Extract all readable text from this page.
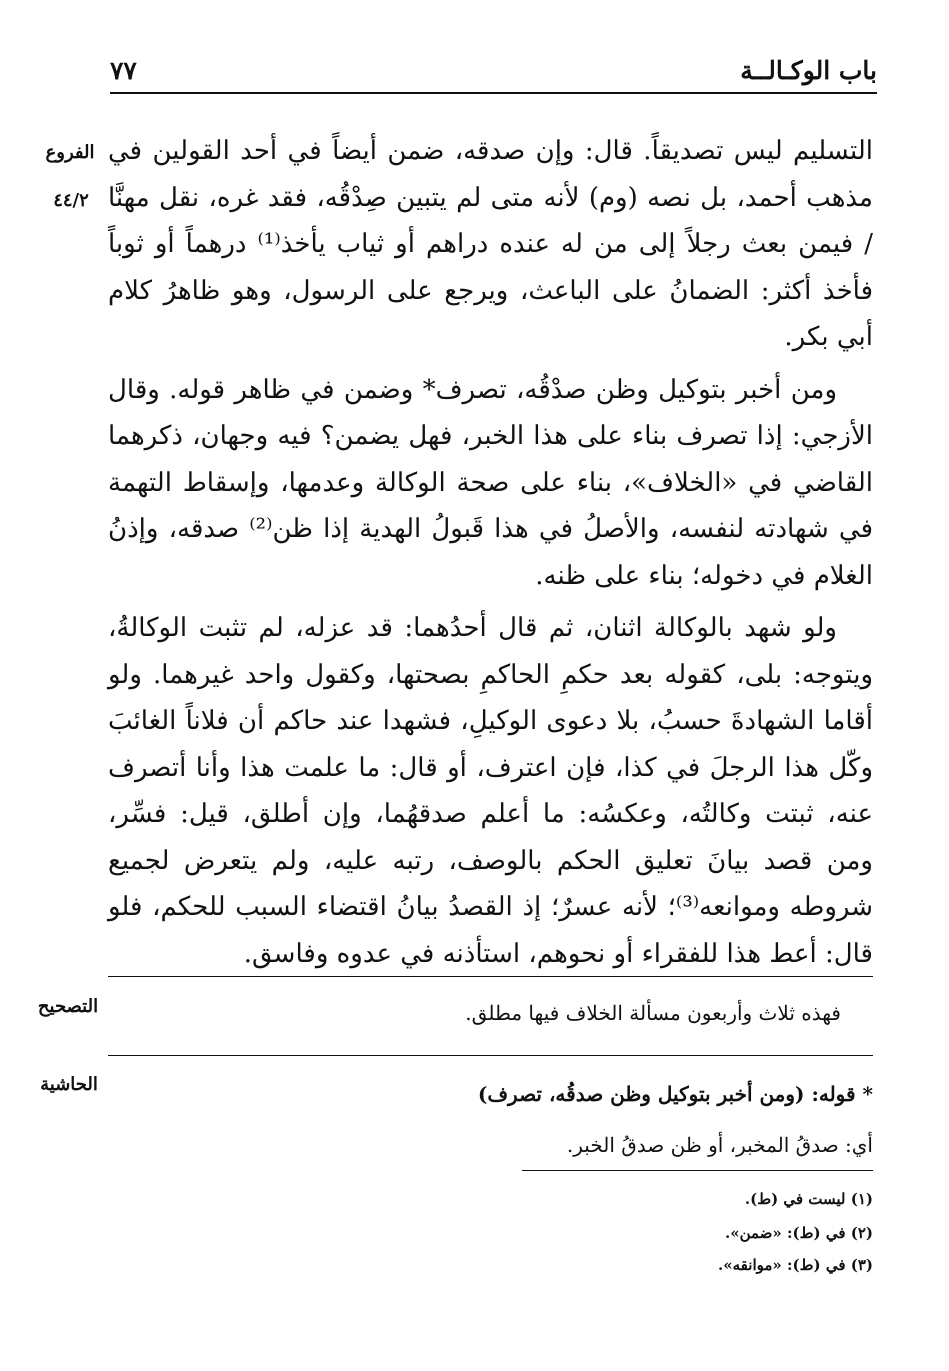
باب الوكـالــة
٧٧
الفروع
٤٤/٢

التسليم ليس تصديقاً. قال: وإن صدقه، ضمن أيضاً في أحد القولين في مذهب أحمد، بل نصه (وم) لأنه متى لم يتبين صِدْقُه، فقد غره، نقل مهنَّا / فيمن بعث رجلاً إلى من له عنده دراهم أو ثياب يأخذ⁽¹⁾ درهماً أو ثوباً فأخذ أكثر: الضمانُ على الباعث، ويرجع على الرسول، وهو ظاهرُ كلام أبي بكر.

ومن أخبر بتوكيل وظن صدْقُه، تصرف* وضمن في ظاهر قوله. وقال الأزجي: إذا تصرف بناء على هذا الخبر، فهل يضمن؟ فيه وجهان، ذكرهما القاضي في «الخلاف»، بناء على صحة الوكالة وعدمها، وإسقاط التهمة في شهادته لنفسه، والأصلُ في هذا قَبولُ الهدية إذا ظن⁽²⁾ صدقه، وإذنُ الغلام في دخوله؛ بناء على ظنه.

ولو شهد بالوكالة اثنان، ثم قال أحدُهما: قد عزله، لم تثبت الوكالةُ، ويتوجه: بلى، كقوله بعد حكمِ الحاكمِ بصحتها، وكقول واحد غيرهما. ولو أقاما الشهادةَ حسبُ، بلا دعوى الوكيلِ، فشهدا عند حاكم أن فلاناً الغائبَ وكّل هذا الرجلَ في كذا، فإن اعترف، أو قال: ما علمت هذا وأنا أتصرف عنه، ثبتت وكالتُه، وعكسُه: ما أعلم صدقهُما، وإن أطلق، قيل: فسِّر، ومن قصد بيانَ تعليق الحكم بالوصف، رتبه عليه، ولم يتعرض لجميع شروطه وموانعه⁽³⁾؛ لأنه عسرٌ؛ إذ القصدُ بيانُ اقتضاء السبب للحكم، فلو قال: أعط هذا للفقراء أو نحوهم، استأذنه في عدوه وفاسق.

التصحيح	فهذه ثلاث وأربعون مسألة الخلاف فيها مطلق.
الحاشية	* قوله: (ومن أخبر بتوكيل وظن صدقُه، تصرف)
أي: صدقُ المخبر، أو ظن صدقُ الخبر.
(١) ليست في (ط).
(٢) في (ط): «ضمن».
(٣) في (ط): «موانقه».
